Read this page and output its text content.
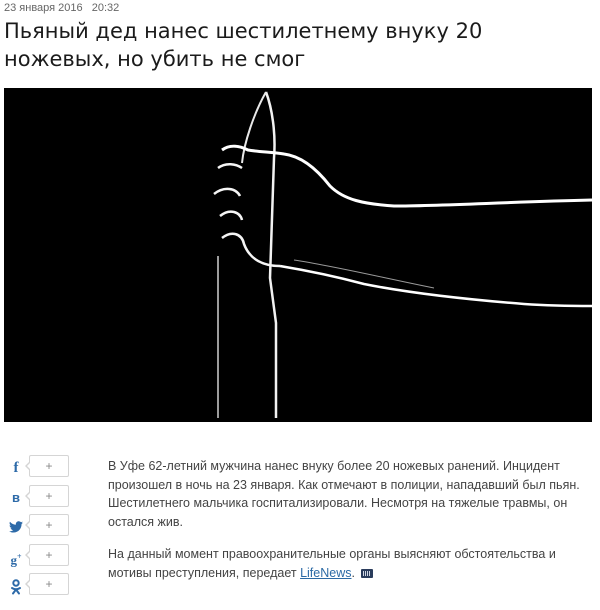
23 января 2016 20:32
Пьяный дед нанес шестилетнему внуку 20 ножевых, но убить не смог
f	+
в	+
+
g+	+
+

В Уфе 62-летний мужчина нанес внуку более 20 ножевых ранений. Инцидент произошел в ночь на 23 января. Как отмечают в полиции, нападавший был пьян. Шестилетнего мальчика госпитализировали. Несмотря на тяжелые травмы, он остался жив.

На данный момент правоохранительные органы выясняют обстоятельства и мотивы преступления, передает LifeNews.
